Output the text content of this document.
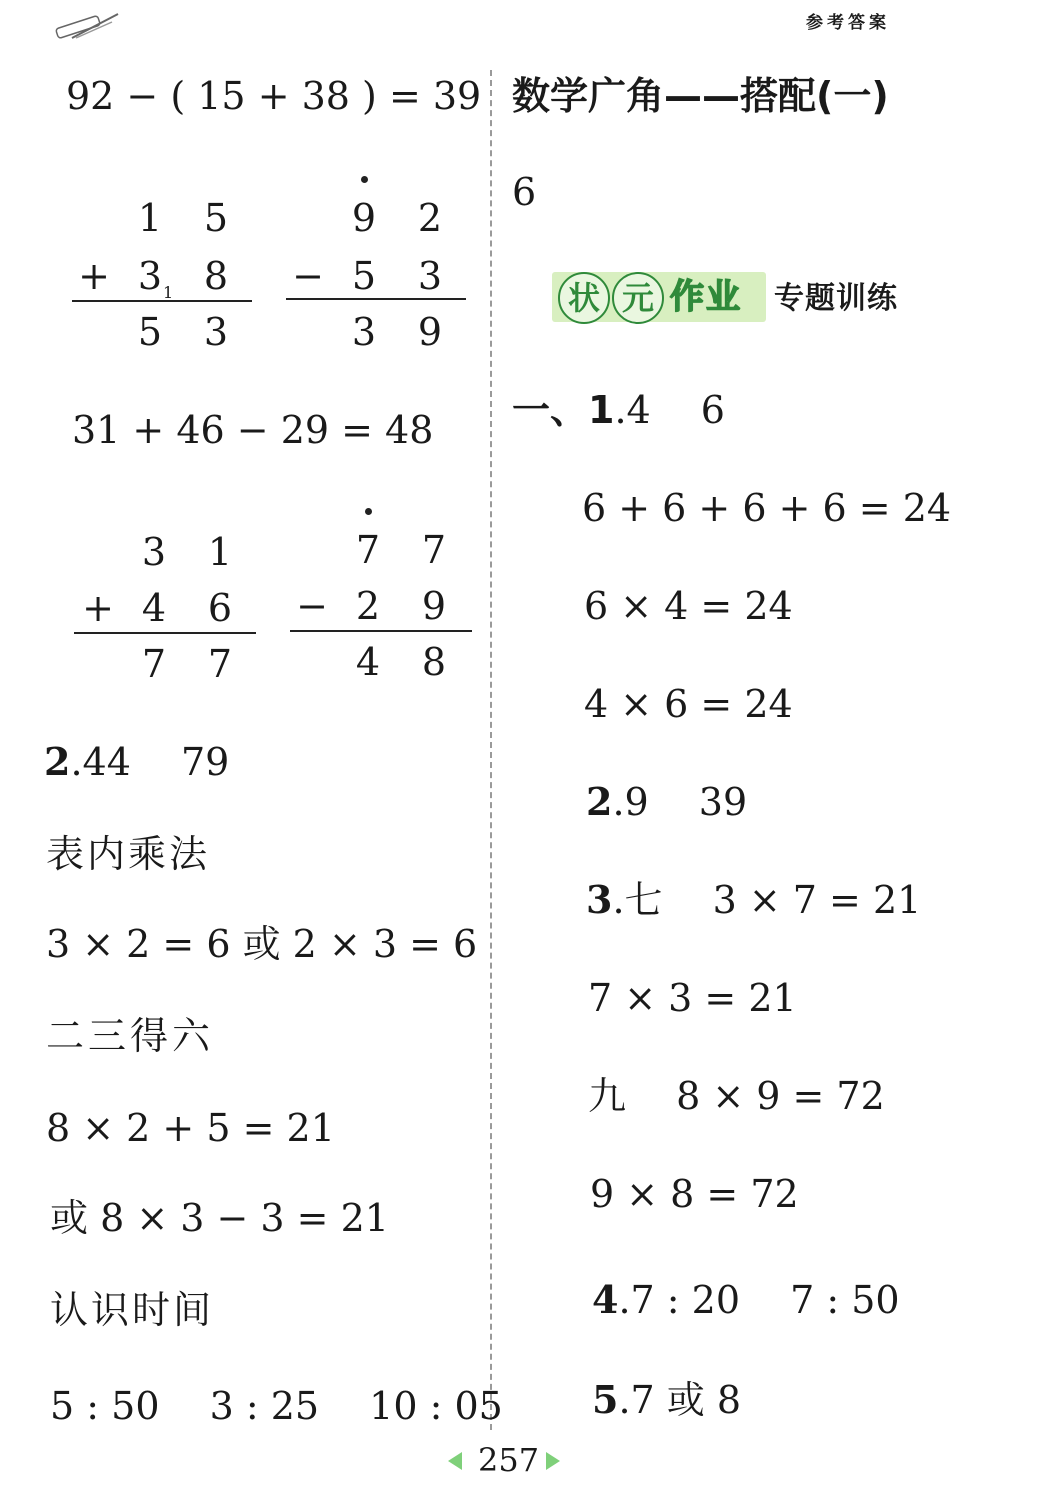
参考答案
92 − ( 15 + 38 ) = 39
1 5
+ 3 1 8
5 3
9 2
− 5 3
3 9
31 + 46 − 29 = 48
3 1
+ 4 6
7 7
7 7
− 2 9
4 8
2.44　 79
表内乘法
3 × 2 = 6 或 2 × 3 = 6
二三得六
8 × 2 + 5 = 21
或 8 × 3 − 3 = 21
认识时间
5 : 50　 3 : 25　 10 : 05
数学广角——搭配(一)
6
状 元 作业 专题训练
一、1.4　 6
6 + 6 + 6 + 6 = 24
6 × 4 = 24
4 × 6 = 24
2.9　 39
3.七　 3 × 7 = 21
7 × 3 = 21
九　 8 × 9 = 72
9 × 8 = 72
4.7 : 20　 7 : 50
5.7 或 8
257
